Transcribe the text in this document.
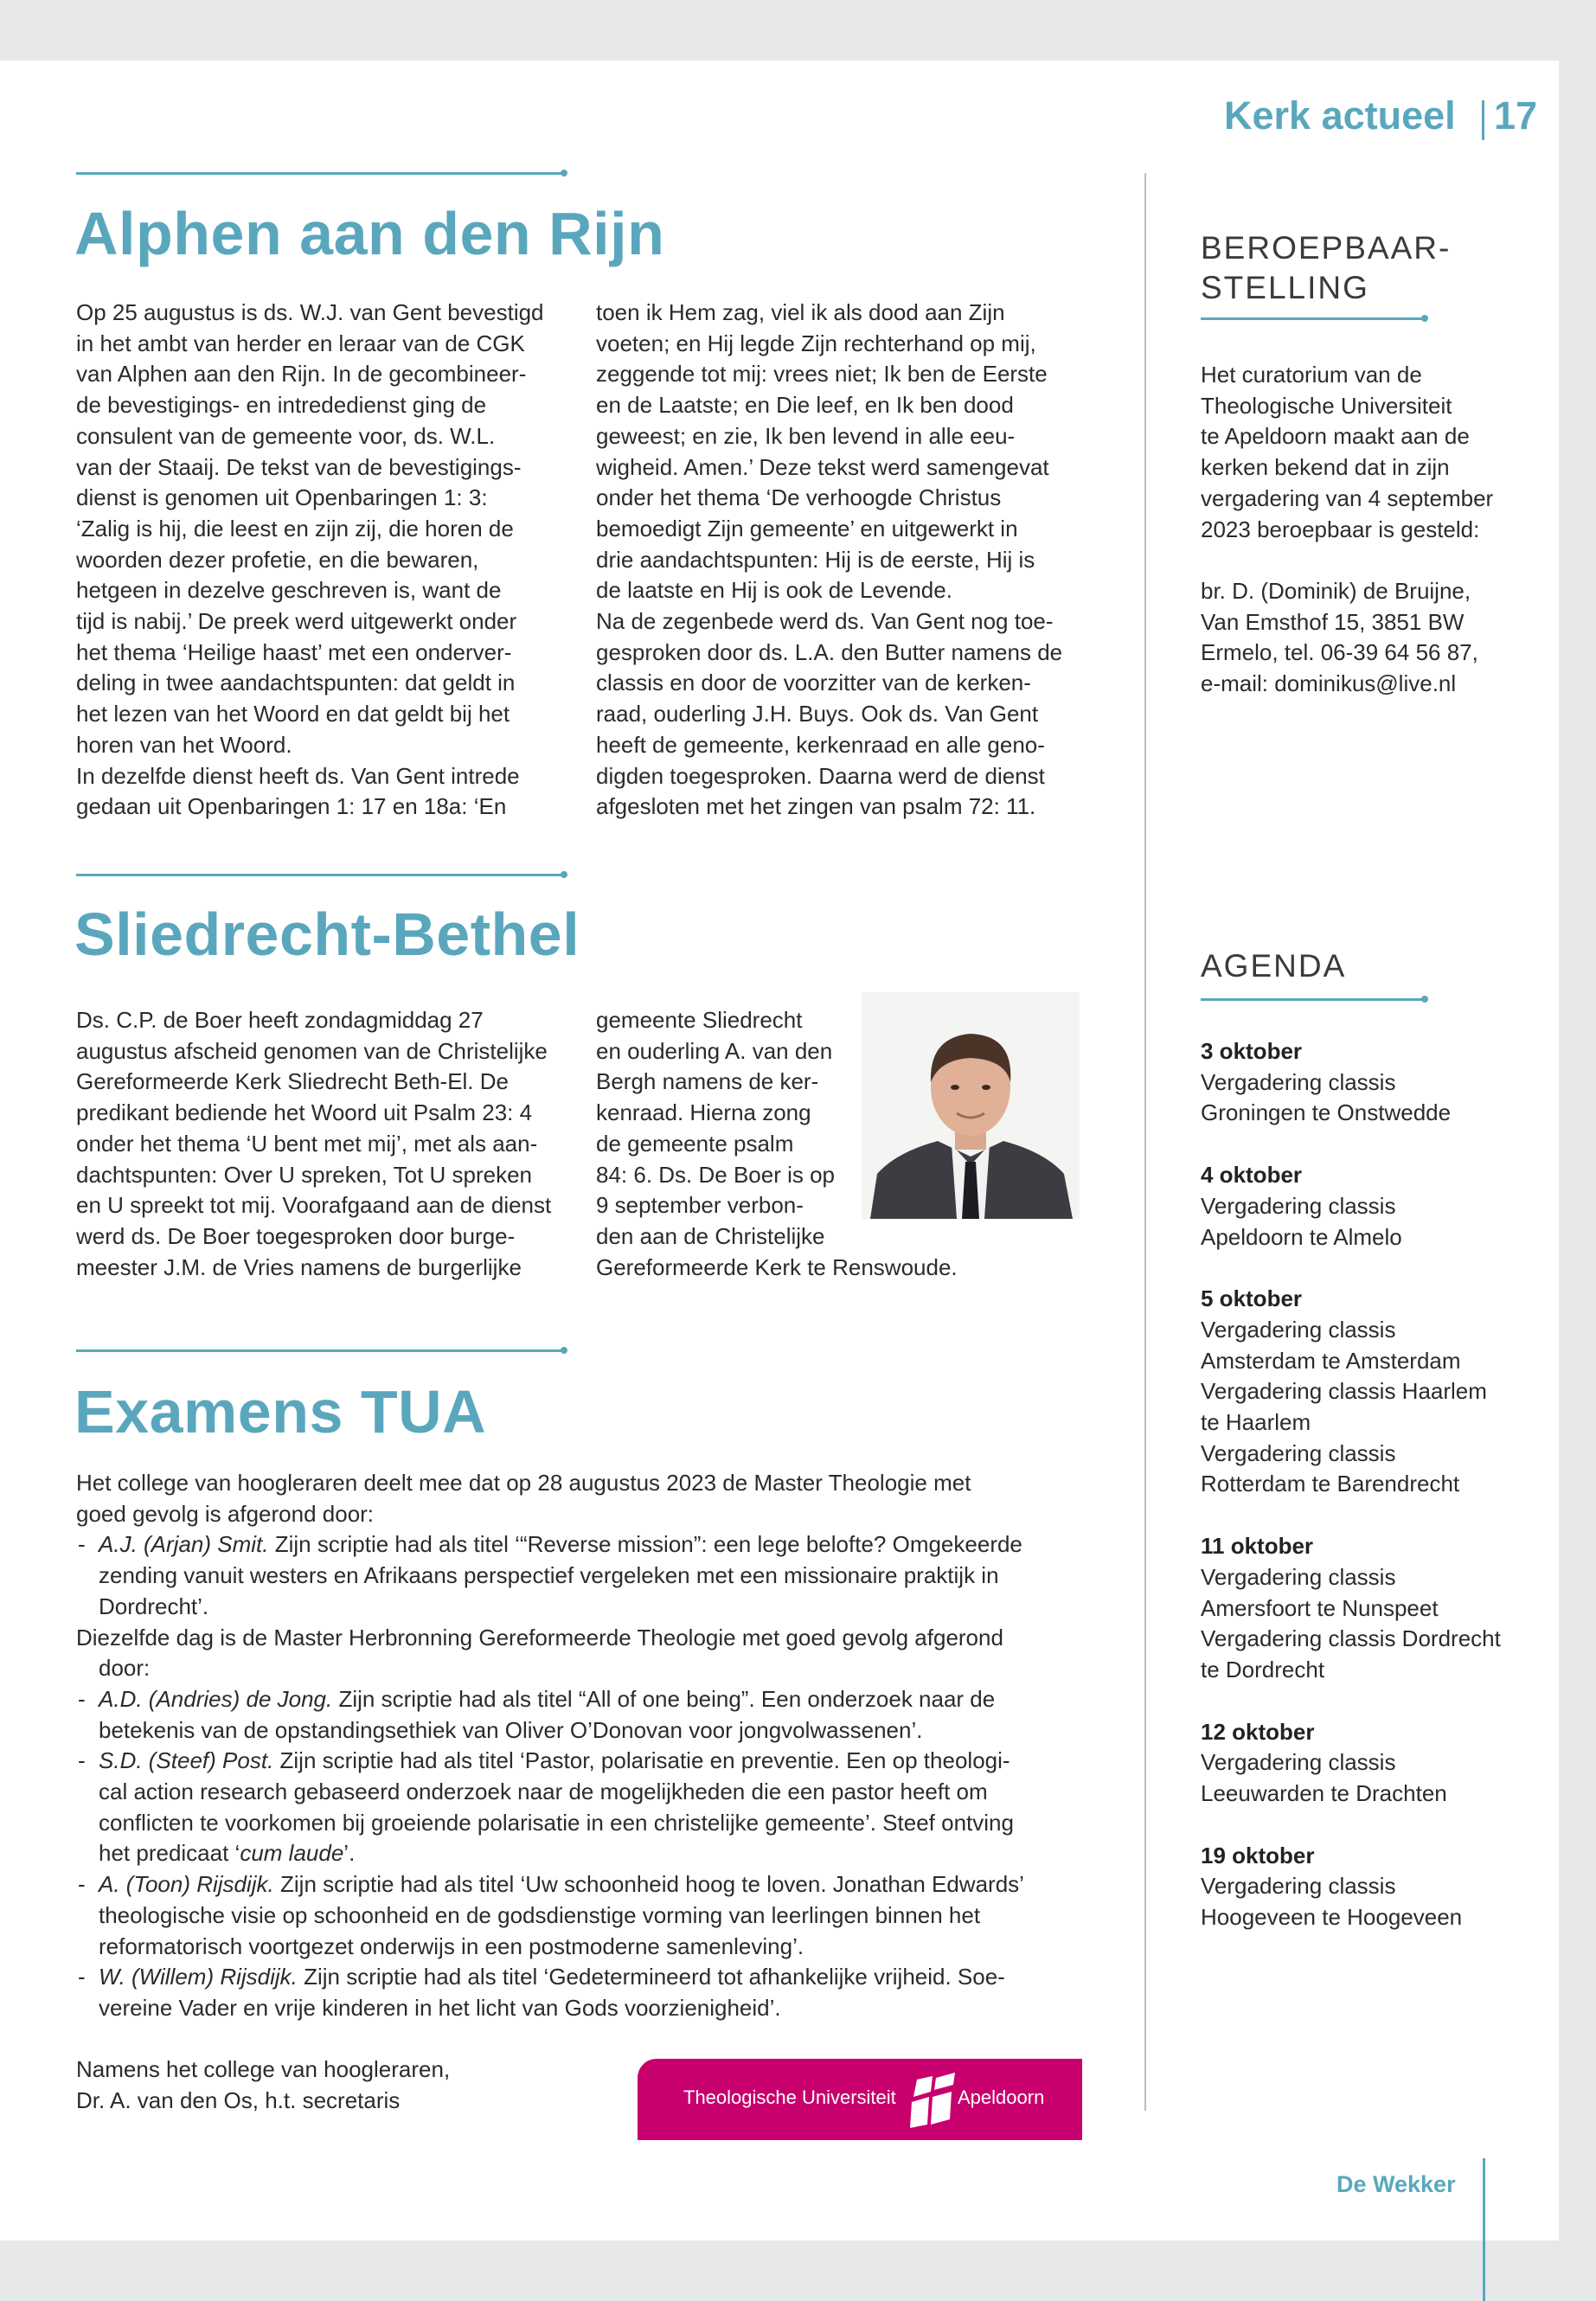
Kerk actueel 17
Alphen aan den Rijn
Op 25 augustus is ds. W.J. van Gent bevestigd
in het ambt van herder en leraar van de CGK
van Alphen aan den Rijn. In de gecombineer-
de bevestigings- en intrededienst ging de
consulent van de gemeente voor, ds. W.L.
van der Staaij. De tekst van de bevestigings-
dienst is genomen uit Openbaringen 1: 3:
‘Zalig is hij, die leest en zijn zij, die horen de
woorden dezer profetie, en die bewaren,
hetgeen in dezelve geschreven is, want de
tijd is nabij.’ De preek werd uitgewerkt onder
het thema ‘Heilige haast’ met een onderver-
deling in twee aandachtspunten: dat geldt in
het lezen van het Woord en dat geldt bij het
horen van het Woord.
In dezelfde dienst heeft ds. Van Gent intrede
gedaan uit Openbaringen 1: 17 en 18a: ‘En
toen ik Hem zag, viel ik als dood aan Zijn
voeten; en Hij legde Zijn rechterhand op mij,
zeggende tot mij: vrees niet; Ik ben de Eerste
en de Laatste; en Die leef, en Ik ben dood
geweest; en zie, Ik ben levend in alle eeu-
wigheid. Amen.’ Deze tekst werd samengevat
onder het thema ‘De verhoogde Christus
bemoedigt Zijn gemeente’ en uitgewerkt in
drie aandachtspunten: Hij is de eerste, Hij is
de laatste en Hij is ook de Levende.
Na de zegenbede werd ds. Van Gent nog toe-
gesproken door ds. L.A. den Butter namens de
classis en door de voorzitter van de kerken-
raad, ouderling J.H. Buys. Ook ds. Van Gent
heeft de gemeente, kerkenraad en alle geno-
digden toegesproken. Daarna werd de dienst
afgesloten met het zingen van psalm 72: 11.
Sliedrecht-Bethel
Ds. C.P. de Boer heeft zondagmiddag 27
augustus afscheid genomen van de Christelijke
Gereformeerde Kerk Sliedrecht Beth-El. De
predikant bediende het Woord uit Psalm 23: 4
onder het thema ‘U bent met mij’, met als aan-
dachtspunten: Over U spreken, Tot U spreken
en U spreekt tot mij. Voorafgaand aan de dienst
werd ds. De Boer toegesproken door burge-
meester J.M. de Vries namens de burgerlijke
gemeente Sliedrecht
en ouderling A. van den
Bergh namens de ker-
kenraad. Hierna zong
de gemeente psalm
84: 6. Ds. De Boer is op
9 september verbon-
den aan de Christelijke
Gereformeerde Kerk te Renswoude.
Examens TUA
Het college van hoogleraren deelt mee dat op 28 augustus 2023 de Master Theologie met
goed gevolg is afgerond door:
- A.J. (Arjan) Smit. Zijn scriptie had als titel ‘“Reverse mission”: een lege belofte? Omgekeerde
zending vanuit westers en Afrikaans perspectief vergeleken met een missionaire praktijk in
Dordrecht’.
Diezelfde dag is de Master Herbronning Gereformeerde Theologie met goed gevolg afgerond
door:
- A.D. (Andries) de Jong. Zijn scriptie had als titel “All of one being”. Een onderzoek naar de
betekenis van de opstandingsethiek van Oliver O’Donovan voor jongvolwassenen’.
- S.D. (Steef) Post. Zijn scriptie had als titel ‘Pastor, polarisatie en preventie. Een op theologi-
cal action research gebaseerd onderzoek naar de mogelijkheden die een pastor heeft om
conflicten te voorkomen bij groeiende polarisatie in een christelijke gemeente’. Steef ontving
het predicaat ‘cum laude’.
- A. (Toon) Rijsdijk. Zijn scriptie had als titel ‘Uw schoonheid hoog te loven. Jonathan Edwards’
theologische visie op schoonheid en de godsdienstige vorming van leerlingen binnen het
reformatorisch voortgezet onderwijs in een postmoderne samenleving’.
- W. (Willem) Rijsdijk. Zijn scriptie had als titel ‘Gedetermineerd tot afhankelijke vrijheid. Soe-
vereine Vader en vrije kinderen in het licht van Gods voorzienigheid’.
Namens het college van hoogleraren,
Dr. A. van den Os, h.t. secretaris	Theologische Universiteit	Apeldoorn
BEROEPBAAR-
STELLING
Het curatorium van de
Theologische Universiteit
te Apeldoorn maakt aan de
kerken bekend dat in zijn
vergadering van 4 september
2023 beroepbaar is gesteld:
br. D. (Dominik) de Bruijne,
Van Emsthof 15, 3851 BW
Ermelo, tel. 06-39 64 56 87,
e-mail: dominikus@live.nl
AGENDA
3 oktober
Vergadering classis
Groningen te Onstwedde
4 oktober
Vergadering classis
Apeldoorn te Almelo
5 oktober
Vergadering classis
Amsterdam te Amsterdam
Vergadering classis Haarlem
te Haarlem
Vergadering classis
Rotterdam te Barendrecht
11 oktober
Vergadering classis
Amersfoort te Nunspeet
Vergadering classis Dordrecht
te Dordrecht
12 oktober
Vergadering classis
Leeuwarden te Drachten
19 oktober
Vergadering classis
Hoogeveen te Hoogeveen
De Wekker
